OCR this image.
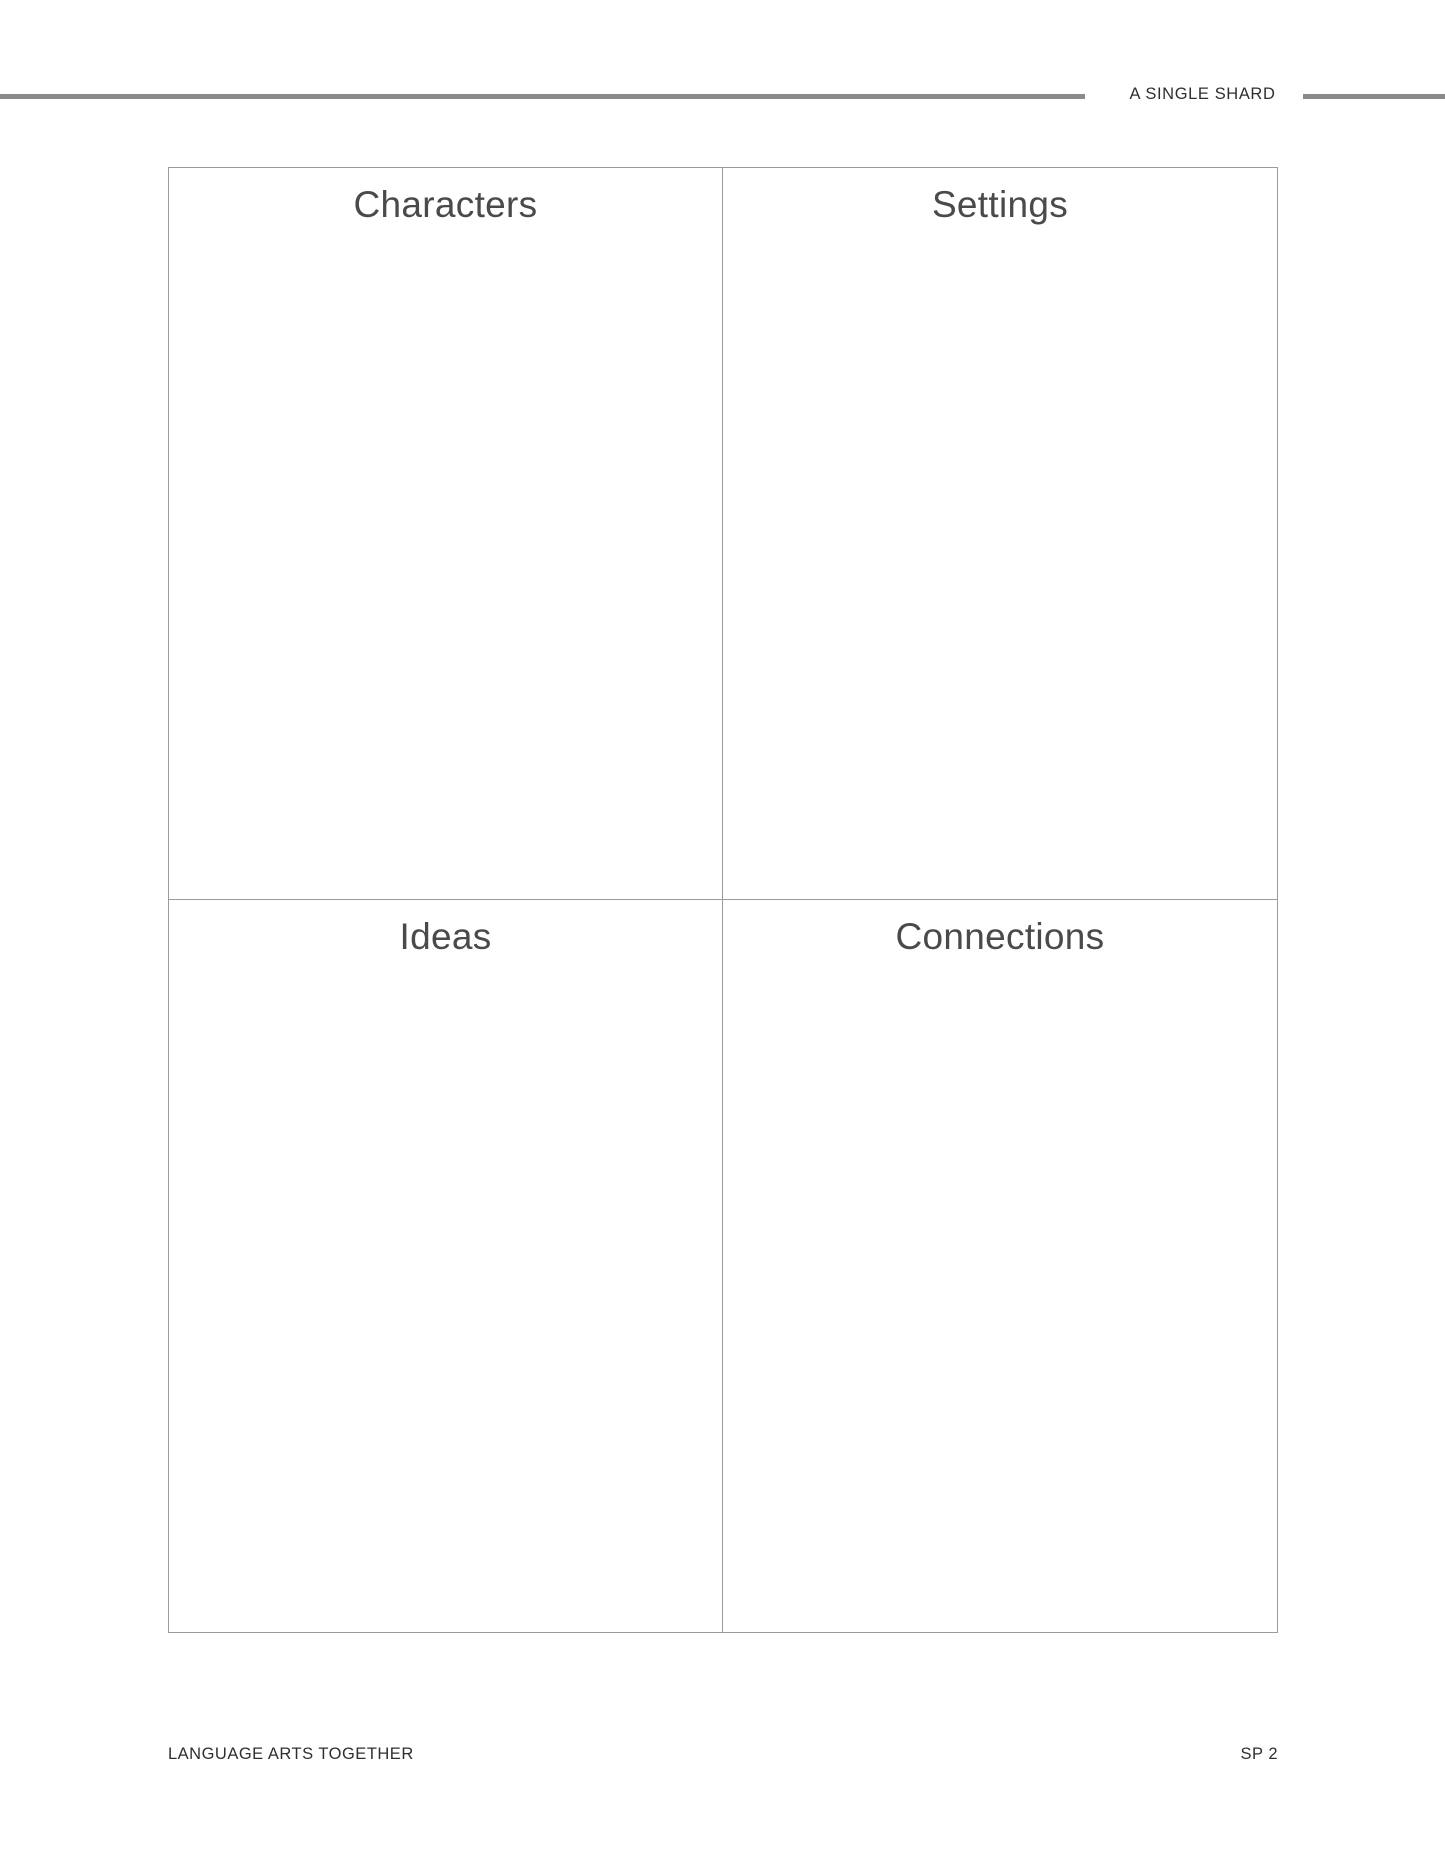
A SINGLE SHARD
Characters	Settings
Ideas	Connections
LANGUAGE ARTS TOGETHER	SP 2
